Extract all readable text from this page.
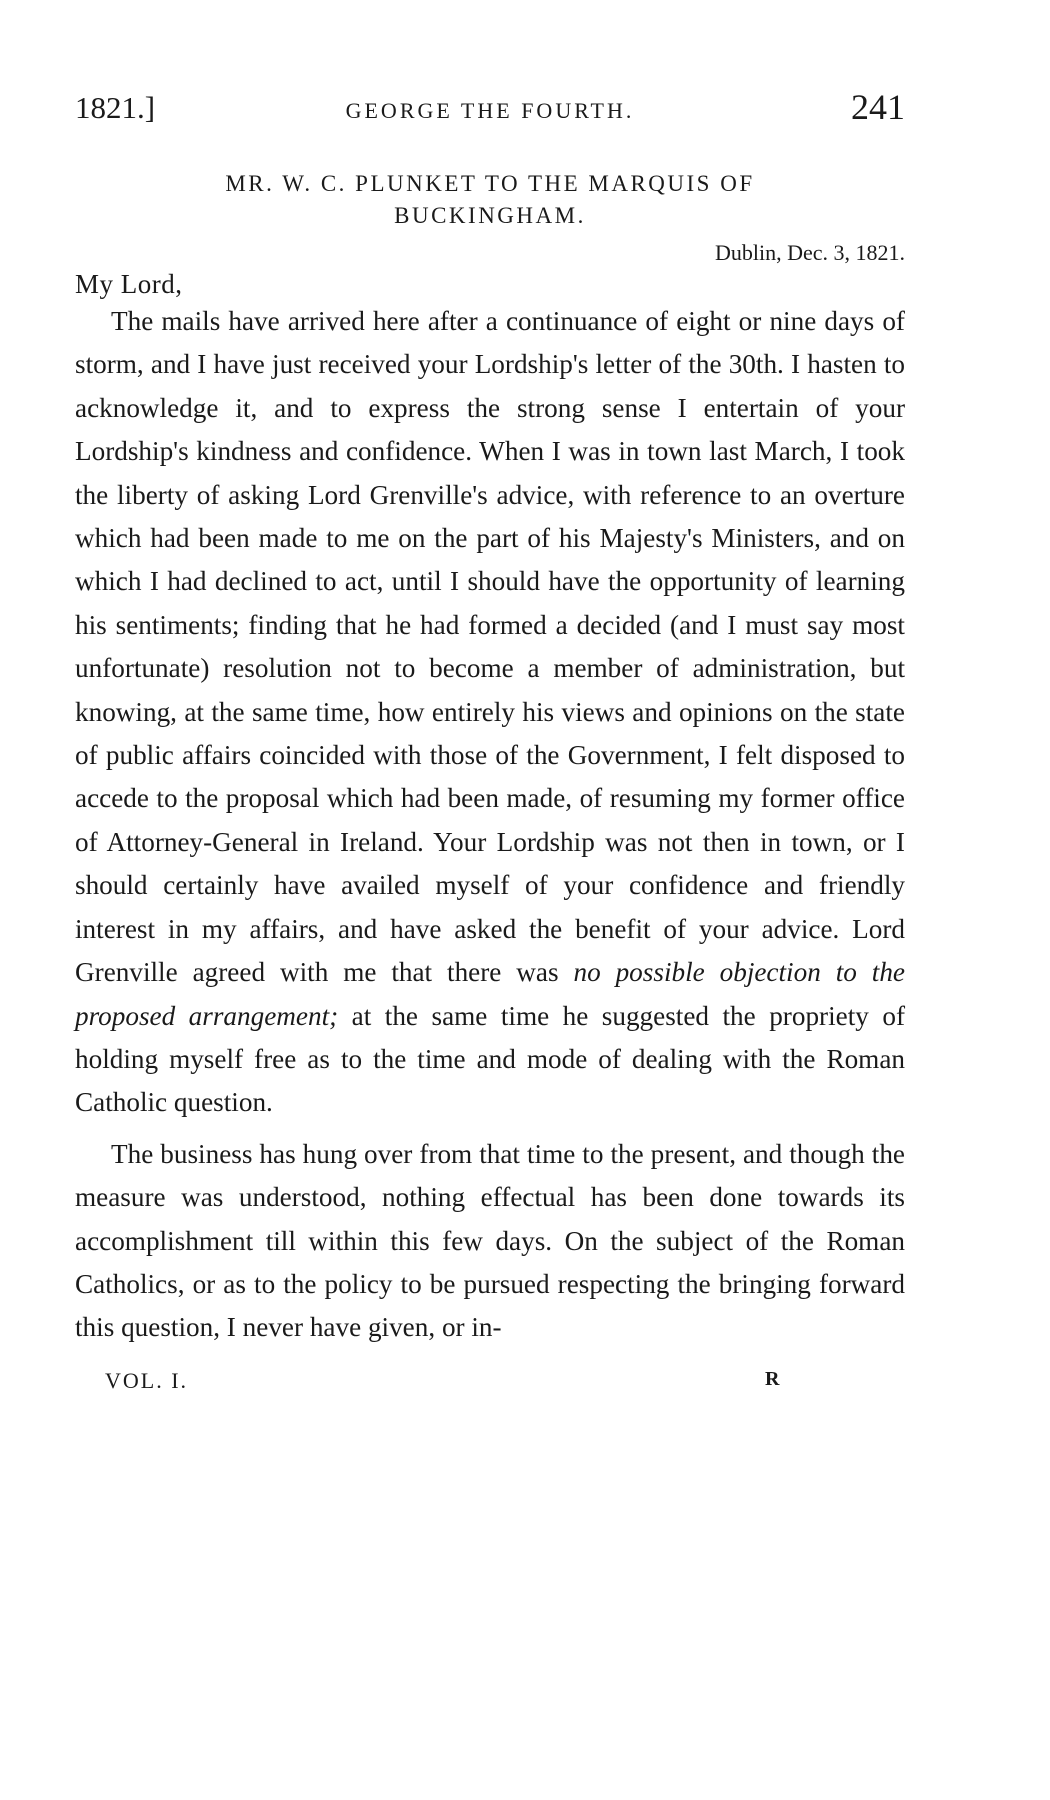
1821.]	GEORGE THE FOURTH.	241
MR. W. C. PLUNKET TO THE MARQUIS OF
BUCKINGHAM.
Dublin, Dec. 3, 1821.
My Lord,

The mails have arrived here after a continuance of eight or nine days of storm, and I have just received your Lordship's letter of the 30th. I hasten to acknowledge it, and to express the strong sense I entertain of your Lordship's kindness and confidence. When I was in town last March, I took the liberty of asking Lord Grenville's advice, with reference to an overture which had been made to me on the part of his Majesty's Ministers, and on which I had declined to act, until I should have the opportunity of learning his sentiments; finding that he had formed a decided (and I must say most unfortunate) resolution not to become a member of administration, but knowing, at the same time, how entirely his views and opinions on the state of public affairs coincided with those of the Government, I felt disposed to accede to the proposal which had been made, of resuming my former office of Attorney-General in Ireland. Your Lordship was not then in town, or I should certainly have availed myself of your confidence and friendly interest in my affairs, and have asked the benefit of your advice. Lord Grenville agreed with me that there was no possible objection to the proposed arrangement; at the same time he suggested the propriety of holding myself free as to the time and mode of dealing with the Roman Catholic question.

The business has hung over from that time to the present, and though the measure was understood, nothing effectual has been done towards its accomplishment till within this few days. On the subject of the Roman Catholics, or as to the policy to be pursued respecting the bringing forward this question, I never have given, or in-

VOL. I.	R
